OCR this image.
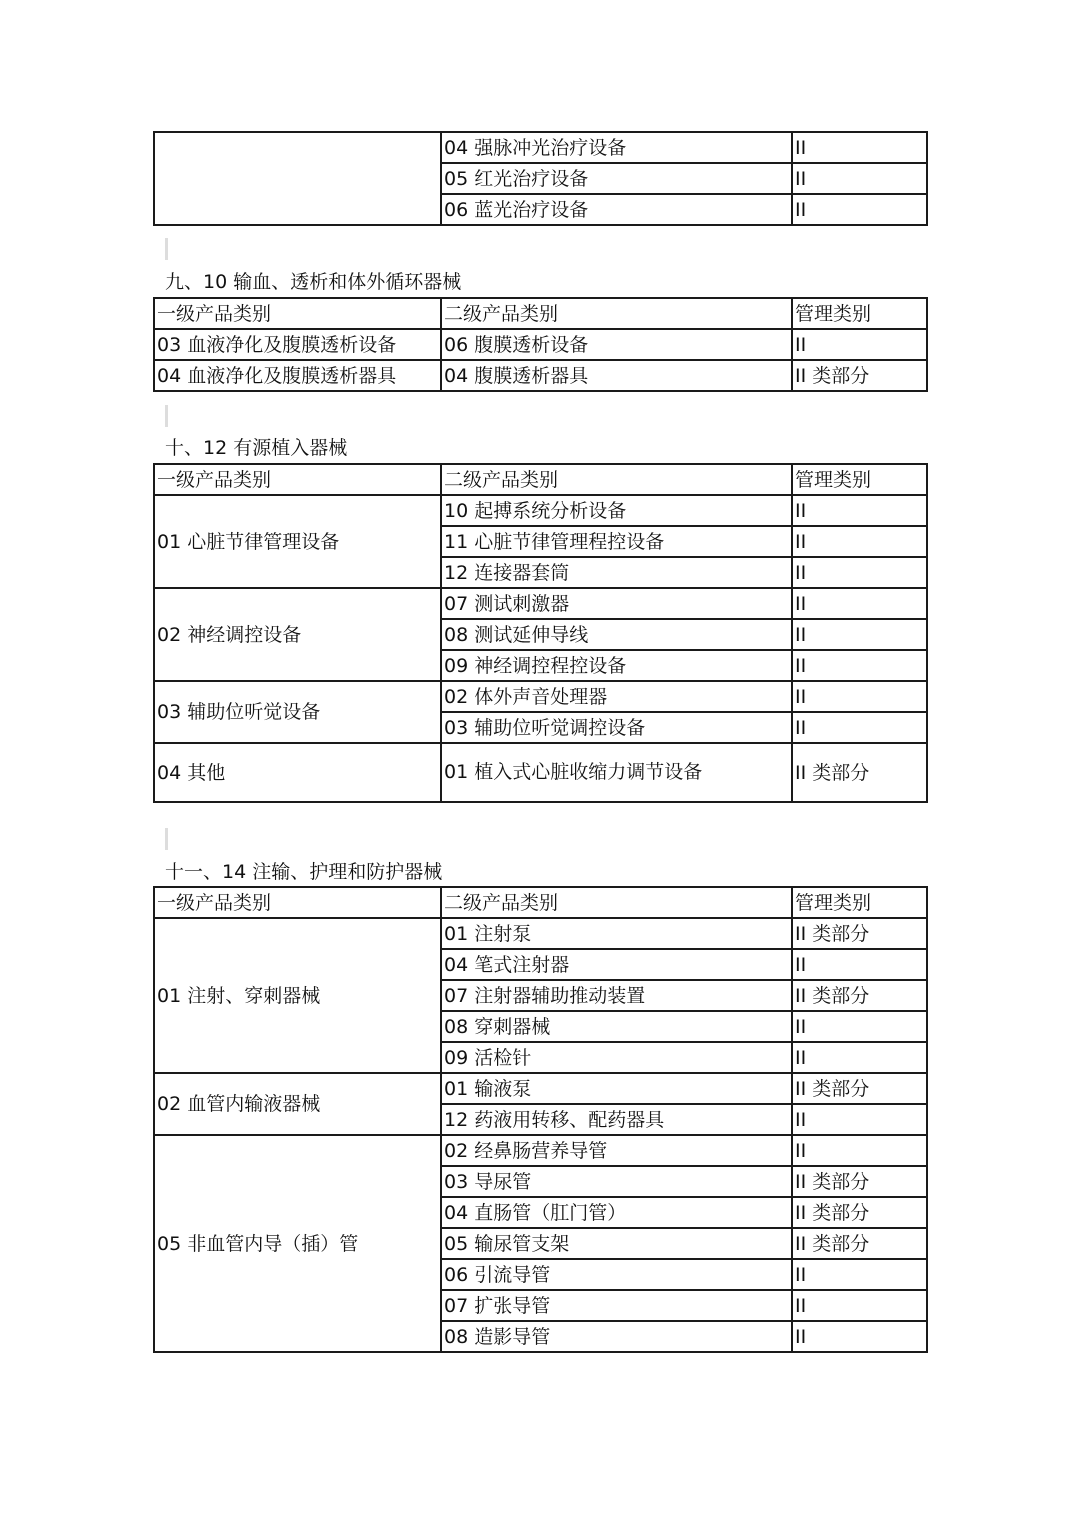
	04 强脉冲光治疗设备	II
	05 红光治疗设备	II
	06 蓝光治疗设备	II
九、10 输血、透析和体外循环器械
一级产品类别	二级产品类别	管理类别
03 血液净化及腹膜透析设备	06 腹膜透析设备	II
04 血液净化及腹膜透析器具	04 腹膜透析器具	II 类部分
十、12 有源植入器械
一级产品类别	二级产品类别	管理类别
01 心脏节律管理设备	10 起搏系统分析设备	II
	11 心脏节律管理程控设备	II
	12 连接器套筒	II
02 神经调控设备	07 测试刺激器	II
	08 测试延伸导线	II
	09 神经调控程控设备	II
03 辅助位听觉设备	02 体外声音处理器	II
	03 辅助位听觉调控设备	II
04 其他	01 植入式心脏收缩力调节设备	II 类部分
十一、14 注输、护理和防护器械
一级产品类别	二级产品类别	管理类别
01 注射、穿刺器械	01 注射泵	II 类部分
	04 笔式注射器	II
	07 注射器辅助推动装置	II 类部分
	08 穿刺器械	II
	09 活检针	II
02 血管内输液器械	01 输液泵	II 类部分
	12 药液用转移、配药器具	II
05 非血管内导（插）管	02 经鼻肠营养导管	II
	03 导尿管	II 类部分
	04 直肠管（肛门管）	II 类部分
	05 输尿管支架	II 类部分
	06 引流导管	II
	07 扩张导管	II
	08 造影导管	II
